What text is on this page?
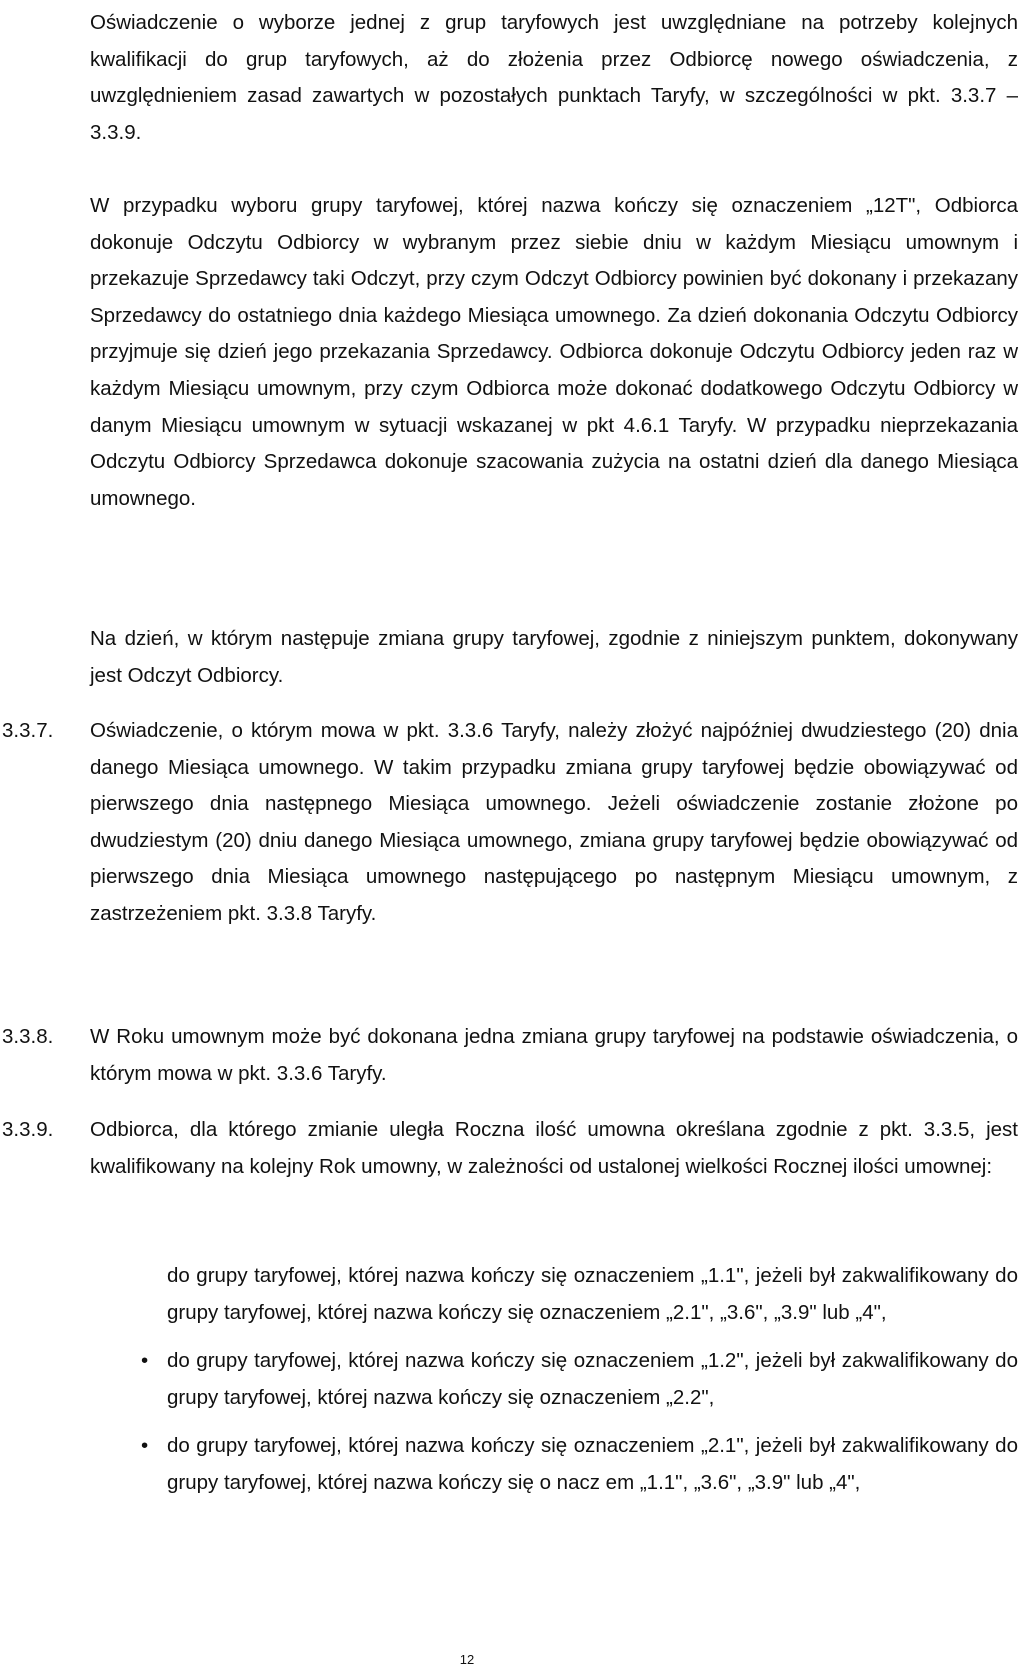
Oświadczenie o wyborze jednej z grup taryfowych jest uwzględniane na potrzeby kolejnych kwalifikacji do grup taryfowych, aż do złożenia przez Odbiorcę nowego oświadczenia, z uwzględnieniem zasad zawartych w pozostałych punktach Taryfy, w szczególności w pkt. 3.3.7 – 3.3.9.

W przypadku wyboru grupy taryfowej, której nazwa kończy się oznaczeniem „12T", Odbiorca dokonuje Odczytu Odbiorcy w wybranym przez siebie dniu w każdym Miesiącu umownym i przekazuje Sprzedawcy taki Odczyt, przy czym Odczyt Odbiorcy powinien być dokonany i przekazany Sprzedawcy do ostatniego dnia każdego Miesiąca umownego. Za dzień dokonania Odczytu Odbiorcy przyjmuje się dzień jego przekazania Sprzedawcy. Odbiorca dokonuje Odczytu Odbiorcy jeden raz w każdym Miesiącu umownym, przy czym Odbiorca może dokonać dodatkowego Odczytu Odbiorcy w danym Miesiącu umownym w sytuacji wskazanej w pkt 4.6.1 Taryfy. W przypadku nieprzekazania Odczytu Odbiorcy Sprzedawca dokonuje szacowania zużycia na ostatni dzień dla danego Miesiąca umownego.

Na dzień, w którym następuje zmiana grupy taryfowej, zgodnie z niniejszym punktem, dokonywany jest Odczyt Odbiorcy.

3.3.7. Oświadczenie, o którym mowa w pkt. 3.3.6 Taryfy, należy złożyć najpóźniej dwudziestego (20) dnia danego Miesiąca umownego. W takim przypadku zmiana grupy taryfowej będzie obowiązywać od pierwszego dnia następnego Miesiąca umownego. Jeżeli oświadczenie zostanie złożone po dwudziestym (20) dniu danego Miesiąca umownego, zmiana grupy taryfowej będzie obowiązywać od pierwszego dnia Miesiąca umownego następującego po następnym Miesiącu umownym, z zastrzeżeniem pkt. 3.3.8 Taryfy.

3.3.8. W Roku umownym może być dokonana jedna zmiana grupy taryfowej na podstawie oświadczenia, o którym mowa w pkt. 3.3.6 Taryfy.

3.3.9. Odbiorca, dla którego zmianie uległa Roczna ilość umowna określana zgodnie z pkt. 3.3.5, jest kwalifikowany na kolejny Rok umowny, w zależności od ustalonej wielkości Rocznej ilości umownej:

do grupy taryfowej, której nazwa kończy się oznaczeniem „1.1", jeżeli był zakwalifikowany do grupy taryfowej, której nazwa kończy się oznaczeniem „2.1", „3.6", „3.9" lub „4",
• do grupy taryfowej, której nazwa kończy się oznaczeniem „1.2", jeżeli był zakwalifikowany do grupy taryfowej, której nazwa kończy się oznaczeniem „2.2",
• do grupy taryfowej, której nazwa kończy się oznaczeniem „2.1", jeżeli był zakwalifikowany do grupy taryfowej, której nazwa kończy się o nacz em „1.1", „3.6", „3.9" lub „4",
12
